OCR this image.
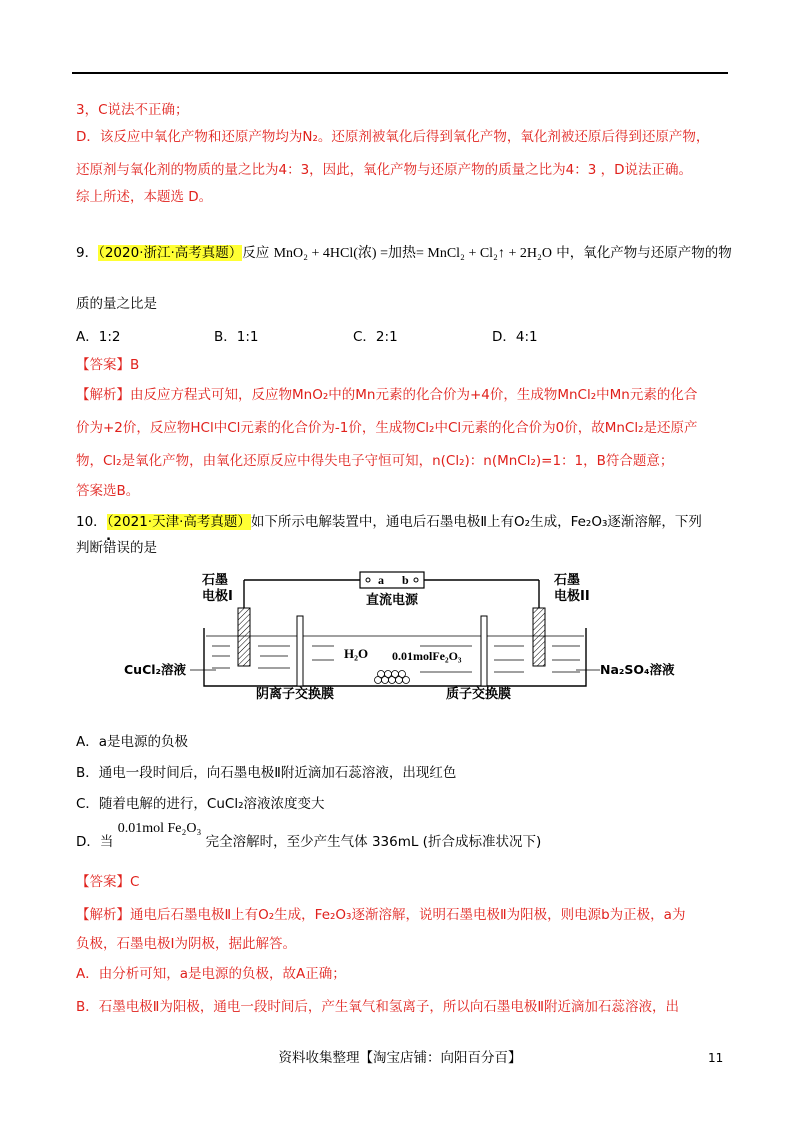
3，C说法不正确；
D．该反应中氧化产物和还原产物均为N₂。还原剂被氧化后得到氧化产物，氧化剂被还原后得到还原产物，
还原剂与氧化剂的物质的量之比为4：3，因此，氧化产物与还原产物的质量之比为4：3 ，D说法正确。
综上所述，本题选 D。
9．（2020·浙江·高考真题）反应 MnO₂ + 4HCl(浓) =加热= MnCl₂ + Cl₂↑ + 2H₂O 中，氧化产物与还原产物的物
质的量之比是
A．1:2	B．1:1	C．2:1	D．4:1
【答案】B
【解析】由反应方程式可知，反应物MnO₂中的Mn元素的化合价为+4价，生成物MnCl₂中Mn元素的化合
价为+2价，反应物HCl中Cl元素的化合价为-1价，生成物Cl₂中Cl元素的化合价为0价，故MnCl₂是还原产
物，Cl₂是氧化产物，由氧化还原反应中得失电子守恒可知，n(Cl₂)：n(MnCl₂)=1：1，B符合题意；
答案选B。
10．（2021·天津·高考真题）如下所示电解装置中，通电后石墨电极Ⅱ上有O₂生成，Fe₂O₃逐渐溶解，下列
判断错误的是
a b
直流电源
石墨
电极I
石墨
电极II
H₂O 0.01molFe₂O₃
CuCl₂溶液	Na₂SO₄溶液
阴离子交换膜	质子交换膜
A．a是电源的负极
B．通电一段时间后，向石墨电极Ⅱ附近滴加石蕊溶液，出现红色
C．随着电解的进行，CuCl₂溶液浓度变大
D．当 0.01mol Fe₂O₃ 完全溶解时，至少产生气体 336mL (折合成标准状况下)
【答案】C
【解析】通电后石墨电极Ⅱ上有O₂生成，Fe₂O₃逐渐溶解，说明石墨电极Ⅱ为阳极，则电源b为正极，a为
负极，石墨电极Ⅰ为阴极，据此解答。
A．由分析可知，a是电源的负极，故A正确；
B．石墨电极Ⅱ为阳极，通电一段时间后，产生氧气和氢离子，所以向石墨电极Ⅱ附近滴加石蕊溶液，出
资料收集整理【淘宝店铺：向阳百分百】	11
